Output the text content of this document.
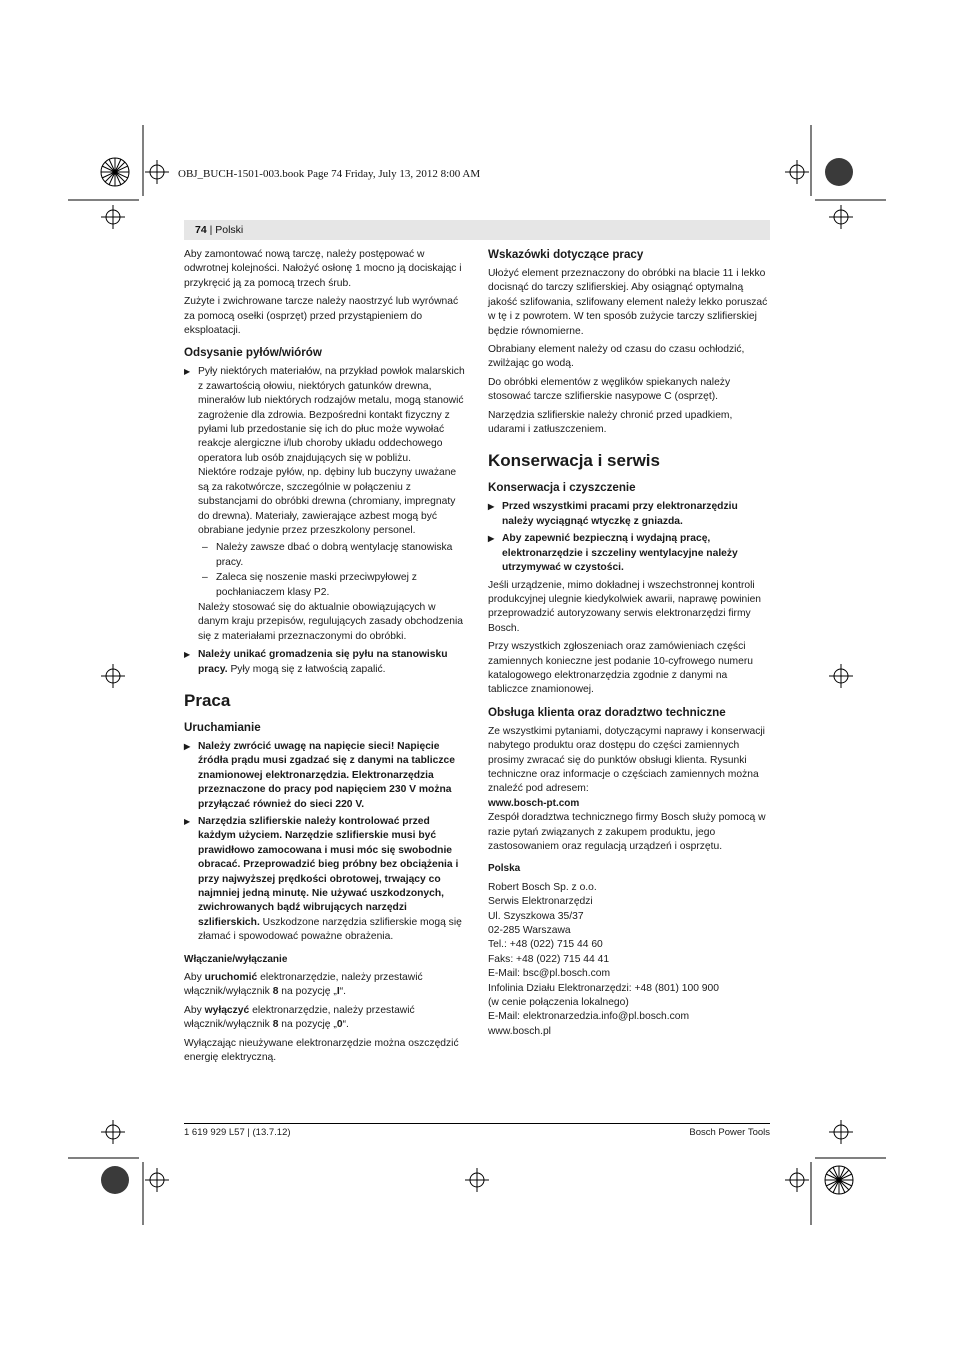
OBJ_BUCH-1501-003.book Page 74 Friday, July 13, 2012 8:00 AM
74 | Polski

Aby zamontować nową tarczę, należy postępować w odwrotnej kolejności. Nałożyć osłonę 1 mocno ją dociskając i przykręcić ją za pomocą trzech śrub.

Zużyte i zwichrowane tarcze należy naostrzyć lub wyrównać za pomocą osełki (osprzęt) przed przystąpieniem do eksploatacji.

Odsysanie pyłów/wiórów
▶ Pyły niektórych materiałów, na przykład powłok malarskich z zawartością ołowiu, niektórych gatunków drewna, minerałów lub niektórych rodzajów metalu, mogą stanowić zagrożenie dla zdrowia. Bezpośredni kontakt fizyczny z pyłami lub przedostanie się ich do płuc może wywołać reakcje alergiczne i/lub choroby układu oddechowego operatora lub osób znajdujących się w pobliżu.
Niektóre rodzaje pyłów, np. dębiny lub buczyny uważane są za rakotwórcze, szczególnie w połączeniu z substancjami do obróbki drewna (chromiany, impregnaty do drewna). Materiały, zawierające azbest mogą być obrabiane jedynie przez przeszkolony personel.
– Należy zawsze dbać o dobrą wentylację stanowiska pracy.
– Zaleca się noszenie maski przeciwpyłowej z pochłaniaczem klasy P2.

Należy stosować się do aktualnie obowiązujących w danym kraju przepisów, regulujących zasady obchodzenia się z materiałami przeznaczonymi do obróbki.

▶ Należy unikać gromadzenia się pyłu na stanowisku pracy. Pyły mogą się z łatwością zapalić.
Praca
Uruchamianie
▶ Należy zwrócić uwagę na napięcie sieci! Napięcie źródła prądu musi zgadzać się z danymi na tabliczce znamionowej elektronarzędzia. Elektronarzędzia przeznaczone do pracy pod napięciem 230 V można przyłączać również do sieci 220 V.
▶ Narzędzia szlifierskie należy kontrolować przed każdym użyciem. Narzędzie szlifierskie musi być prawidłowo zamocowana i musi móc się swobodnie obracać. Przeprowadzić bieg próbny bez obciążenia i przy najwyższej prędkości obrotowej, trwający co najmniej jedną minutę. Nie używać uszkodzonych, zwichrowanych bądź wibrujących narzędzi szlifierskich. Uszkodzone narzędzia szlifierskie mogą się złamać i spowodować poważne obrażenia.
Włączanie/wyłączanie

Aby uruchomić elektronarzędzie, należy przestawić włącznik/wyłącznik 8 na pozycję „I“.

Aby wyłączyć elektronarzędzie, należy przestawić włącznik/wyłącznik 8 na pozycję „0“.

Wyłączając nieużywane elektronarzędzie można oszczędzić energię elektryczną.

Wskazówki dotyczące pracy

Ułożyć element przeznaczony do obróbki na blacie 11 i lekko docisnąć do tarczy szlifierskiej. Aby osiągnąć optymalną jakość szlifowania, szlifowany element należy lekko poruszać w tę i z powrotem. W ten sposób zużycie tarczy szlifierskiej będzie równomierne.

Obrabiany element należy od czasu do czasu ochłodzić, zwilżając go wodą.

Do obróbki elementów z węglików spiekanych należy stosować tarcze szlifierskie nasypowe C (osprzęt).

Narzędzia szlifierskie należy chronić przed upadkiem, udarami i zatłuszczeniem.

Konserwacja i serwis
Konserwacja i czyszczenie
▶ Przed wszystkimi pracami przy elektronarzędziu należy wyciągnąć wtyczkę z gniazda.
▶ Aby zapewnić bezpieczną i wydajną pracę, elektronarzędzie i szczeliny wentylacyjne należy utrzymywać w czystości.

Jeśli urządzenie, mimo dokładnej i wszechstronnej kontroli produkcyjnej ulegnie kiedykolwiek awarii, naprawę powinien przeprowadzić autoryzowany serwis elektronarzędzi firmy Bosch.

Przy wszystkich zgłoszeniach oraz zamówieniach części zamiennych konieczne jest podanie 10-cyfrowego numeru katalogowego elektronarzędzia zgodnie z danymi na tabliczce znamionowej.

Obsługa klienta oraz doradztwo techniczne

Ze wszystkimi pytaniami, dotyczącymi naprawy i konserwacji nabytego produktu oraz dostępu do części zamiennych prosimy zwracać się do punktów obsługi klienta. Rysunki techniczne oraz informacje o częściach zamiennych można znaleźć pod adresem:

www.bosch-pt.com

Zespół doradztwa technicznego firmy Bosch służy pomocą w razie pytań związanych z zakupem produktu, jego zastosowaniem oraz regulacją urządzeń i osprzętu.

Polska

Robert Bosch Sp. z o.o.

Serwis Elektronarzędzi

Ul. Szyszkowa 35/37

02-285 Warszawa

Tel.: +48 (022) 715 44 60

Faks: +48 (022) 715 44 41

E-Mail: bsc@pl.bosch.com

Infolinia Działu Elektronarzędzi: +48 (801) 100 900

(w cenie połączenia lokalnego)

E-Mail: elektronarzedzia.info@pl.bosch.com

www.bosch.pl

1 619 929 L57 | (13.7.12)	Bosch Power Tools
